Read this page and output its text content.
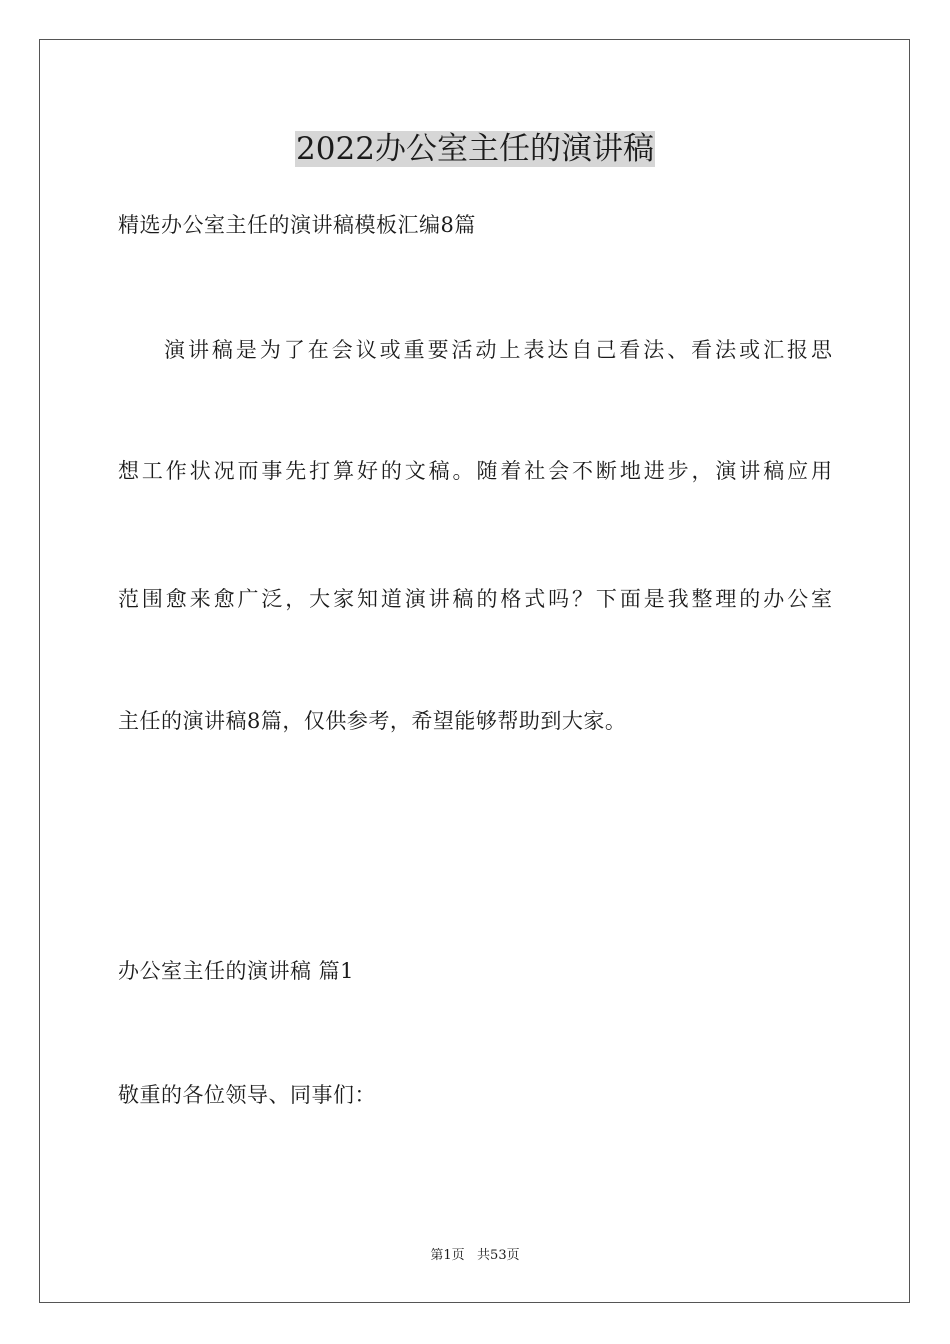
2022办公室主任的演讲稿
精选办公室主任的演讲稿模板汇编8篇
演讲稿是为了在会议或重要活动上表达自己看法、看法或汇报思
想工作状况而事先打算好的文稿。随着社会不断地进步，演讲稿应用
范围愈来愈广泛，大家知道演讲稿的格式吗？下面是我整理的办公室
主任的演讲稿8篇，仅供参考，希望能够帮助到大家。
办公室主任的演讲稿 篇1
敬重的各位领导、同事们：
第1页   共53页
